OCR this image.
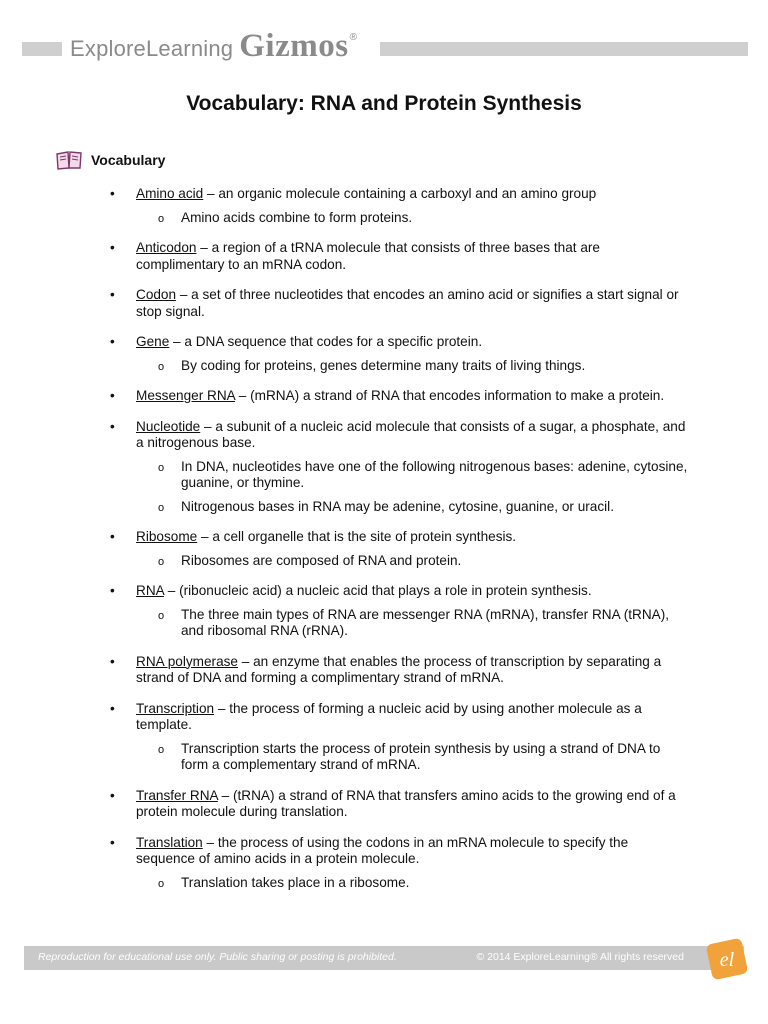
ExploreLearning Gizmos ®
Vocabulary: RNA and Protein Synthesis
Vocabulary
• Amino acid – an organic molecule containing a carboxyl and an amino group
o Amino acids combine to form proteins.
• Anticodon – a region of a tRNA molecule that consists of three bases that are complimentary to an mRNA codon.
• Codon – a set of three nucleotides that encodes an amino acid or signifies a start signal or stop signal.
• Gene – a DNA sequence that codes for a specific protein.
o By coding for proteins, genes determine many traits of living things.
• Messenger RNA – (mRNA) a strand of RNA that encodes information to make a protein.
• Nucleotide – a subunit of a nucleic acid molecule that consists of a sugar, a phosphate, and a nitrogenous base.
o In DNA, nucleotides have one of the following nitrogenous bases: adenine, cytosine, guanine, or thymine.
o Nitrogenous bases in RNA may be adenine, cytosine, guanine, or uracil.
• Ribosome – a cell organelle that is the site of protein synthesis.
o Ribosomes are composed of RNA and protein.
• RNA – (ribonucleic acid) a nucleic acid that plays a role in protein synthesis.
o The three main types of RNA are messenger RNA (mRNA), transfer RNA (tRNA), and ribosomal RNA (rRNA).
• RNA polymerase – an enzyme that enables the process of transcription by separating a strand of DNA and forming a complimentary strand of mRNA.
• Transcription – the process of forming a nucleic acid by using another molecule as a template.
o Transcription starts the process of protein synthesis by using a strand of DNA to form a complementary strand of mRNA.
• Transfer RNA – (tRNA) a strand of RNA that transfers amino acids to the growing end of a protein molecule during translation.
• Translation – the process of using the codons in an mRNA molecule to specify the sequence of amino acids in a protein molecule.
o Translation takes place in a ribosome.
Reproduction for educational use only. Public sharing or posting is prohibited.	© 2014 ExploreLearning® All rights reserved el
